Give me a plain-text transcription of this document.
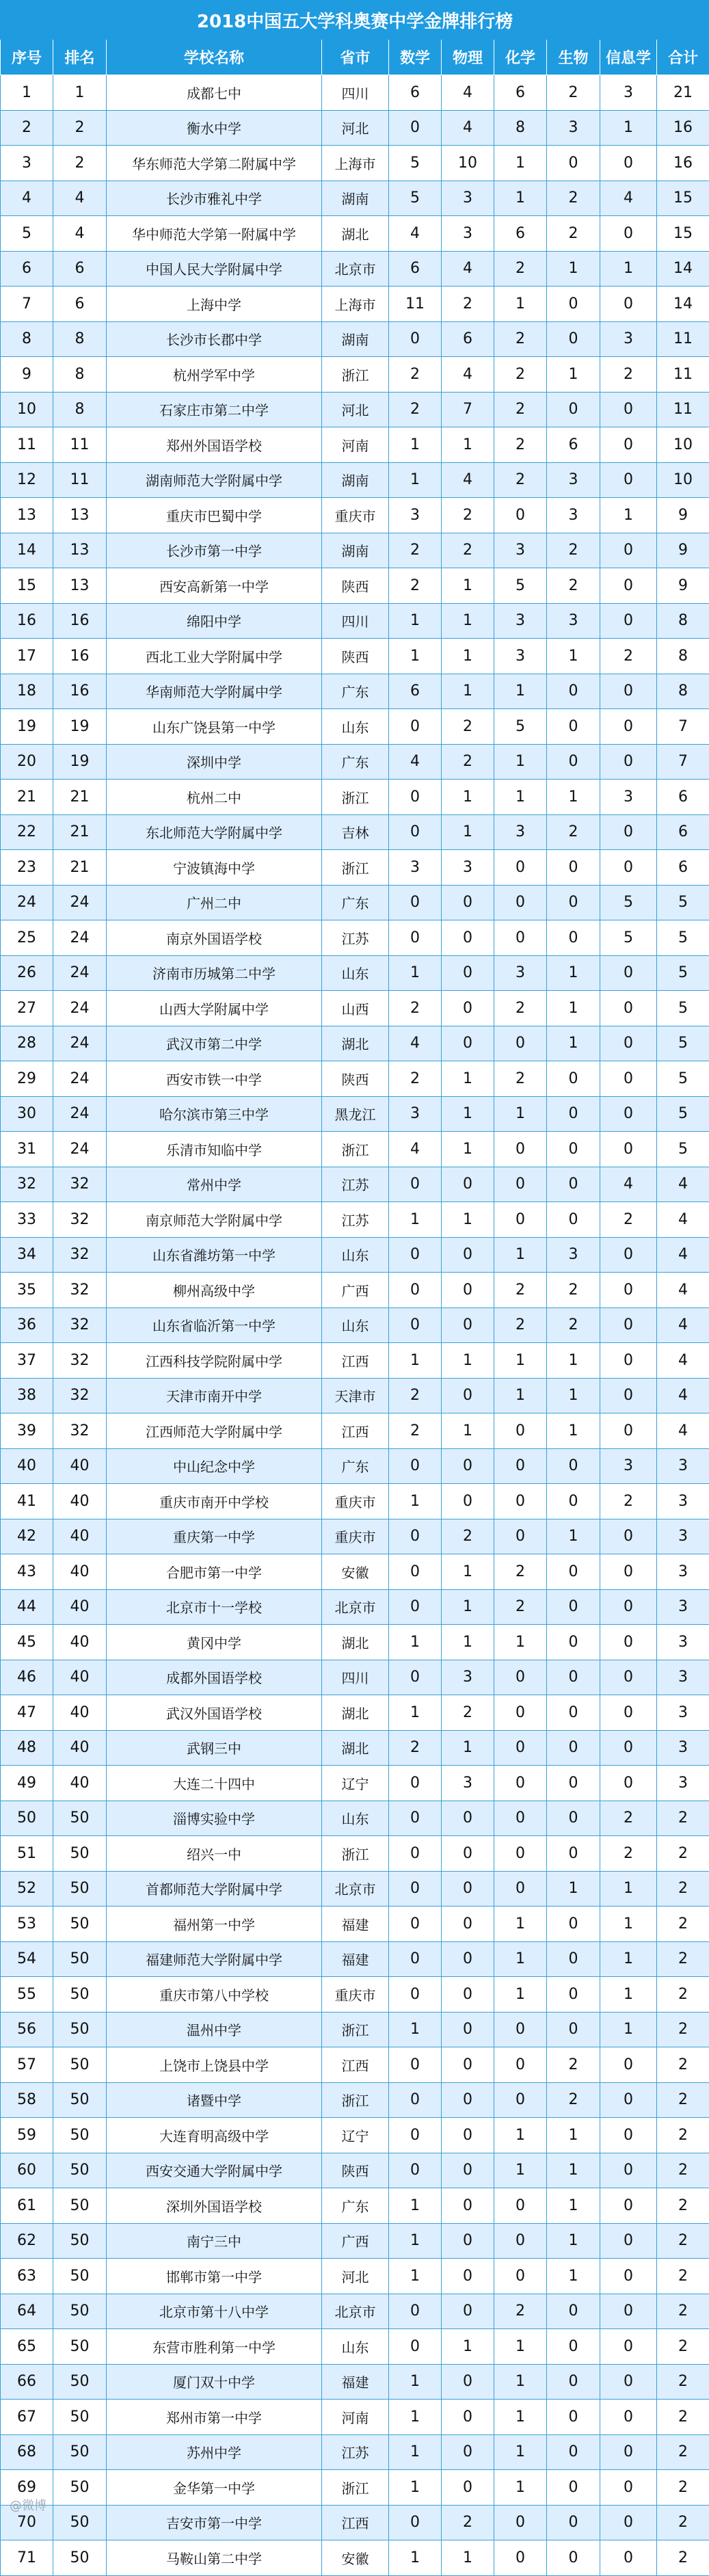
2018中国五大学科奥赛中学金牌排行榜									
序号	排名	学校名称	省市	数学	物理	化学	生物	信息学	合计
1	1	成都七中	四川	6	4	6	2	3	21
2	2	衡水中学	河北	0	4	8	3	1	16
3	2	华东师范大学第二附属中学	上海市	5	10	1	0	0	16
4	4	长沙市雅礼中学	湖南	5	3	1	2	4	15
5	4	华中师范大学第一附属中学	湖北	4	3	6	2	0	15
6	6	中国人民大学附属中学	北京市	6	4	2	1	1	14
7	6	上海中学	上海市	11	2	1	0	0	14
8	8	长沙市长郡中学	湖南	0	6	2	0	3	11
9	8	杭州学军中学	浙江	2	4	2	1	2	11
10	8	石家庄市第二中学	河北	2	7	2	0	0	11
11	11	郑州外国语学校	河南	1	1	2	6	0	10
12	11	湖南师范大学附属中学	湖南	1	4	2	3	0	10
13	13	重庆市巴蜀中学	重庆市	3	2	0	3	1	9
14	13	长沙市第一中学	湖南	2	2	3	2	0	9
15	13	西安高新第一中学	陕西	2	1	5	2	0	9
16	16	绵阳中学	四川	1	1	3	3	0	8
17	16	西北工业大学附属中学	陕西	1	1	3	1	2	8
18	16	华南师范大学附属中学	广东	6	1	1	0	0	8
19	19	山东广饶县第一中学	山东	0	2	5	0	0	7
20	19	深圳中学	广东	4	2	1	0	0	7
21	21	杭州二中	浙江	0	1	1	1	3	6
22	21	东北师范大学附属中学	吉林	0	1	3	2	0	6
23	21	宁波镇海中学	浙江	3	3	0	0	0	6
24	24	广州二中	广东	0	0	0	0	5	5
25	24	南京外国语学校	江苏	0	0	0	0	5	5
26	24	济南市历城第二中学	山东	1	0	3	1	0	5
27	24	山西大学附属中学	山西	2	0	2	1	0	5
28	24	武汉市第二中学	湖北	4	0	0	1	0	5
29	24	西安市铁一中学	陕西	2	1	2	0	0	5
30	24	哈尔滨市第三中学	黑龙江	3	1	1	0	0	5
31	24	乐清市知临中学	浙江	4	1	0	0	0	5
32	32	常州中学	江苏	0	0	0	0	4	4
33	32	南京师范大学附属中学	江苏	1	1	0	0	2	4
34	32	山东省潍坊第一中学	山东	0	0	1	3	0	4
35	32	柳州高级中学	广西	0	0	2	2	0	4
36	32	山东省临沂第一中学	山东	0	0	2	2	0	4
37	32	江西科技学院附属中学	江西	1	1	1	1	0	4
38	32	天津市南开中学	天津市	2	0	1	1	0	4
39	32	江西师范大学附属中学	江西	2	1	0	1	0	4
40	40	中山纪念中学	广东	0	0	0	0	3	3
41	40	重庆市南开中学校	重庆市	1	0	0	0	2	3
42	40	重庆第一中学	重庆市	0	2	0	1	0	3
43	40	合肥市第一中学	安徽	0	1	2	0	0	3
44	40	北京市十一学校	北京市	0	1	2	0	0	3
45	40	黄冈中学	湖北	1	1	1	0	0	3
46	40	成都外国语学校	四川	0	3	0	0	0	3
47	40	武汉外国语学校	湖北	1	2	0	0	0	3
48	40	武钢三中	湖北	2	1	0	0	0	3
49	40	大连二十四中	辽宁	0	3	0	0	0	3
50	50	淄博实验中学	山东	0	0	0	0	2	2
51	50	绍兴一中	浙江	0	0	0	0	2	2
52	50	首都师范大学附属中学	北京市	0	0	0	1	1	2
53	50	福州第一中学	福建	0	0	1	0	1	2
54	50	福建师范大学附属中学	福建	0	0	1	0	1	2
55	50	重庆市第八中学校	重庆市	0	0	1	0	1	2
56	50	温州中学	浙江	1	0	0	0	1	2
57	50	上饶市上饶县中学	江西	0	0	0	2	0	2
58	50	诸暨中学	浙江	0	0	0	2	0	2
59	50	大连育明高级中学	辽宁	0	0	1	1	0	2
60	50	西安交通大学附属中学	陕西	0	0	1	1	0	2
61	50	深圳外国语学校	广东	1	0	0	1	0	2
62	50	南宁三中	广西	1	0	0	1	0	2
63	50	邯郸市第一中学	河北	1	0	0	1	0	2
64	50	北京市第十八中学	北京市	0	0	2	0	0	2
65	50	东营市胜利第一中学	山东	0	1	1	0	0	2
66	50	厦门双十中学	福建	1	0	1	0	0	2
67	50	郑州市第一中学	河南	1	0	1	0	0	2
68	50	苏州中学	江苏	1	0	1	0	0	2
69	50	金华第一中学	浙江	1	0	1	0	0	2
70	50	吉安市第一中学	江西	0	2	0	0	0	2
71	50	马鞍山第二中学	安徽	1	1	0	0	0	2
@微博
